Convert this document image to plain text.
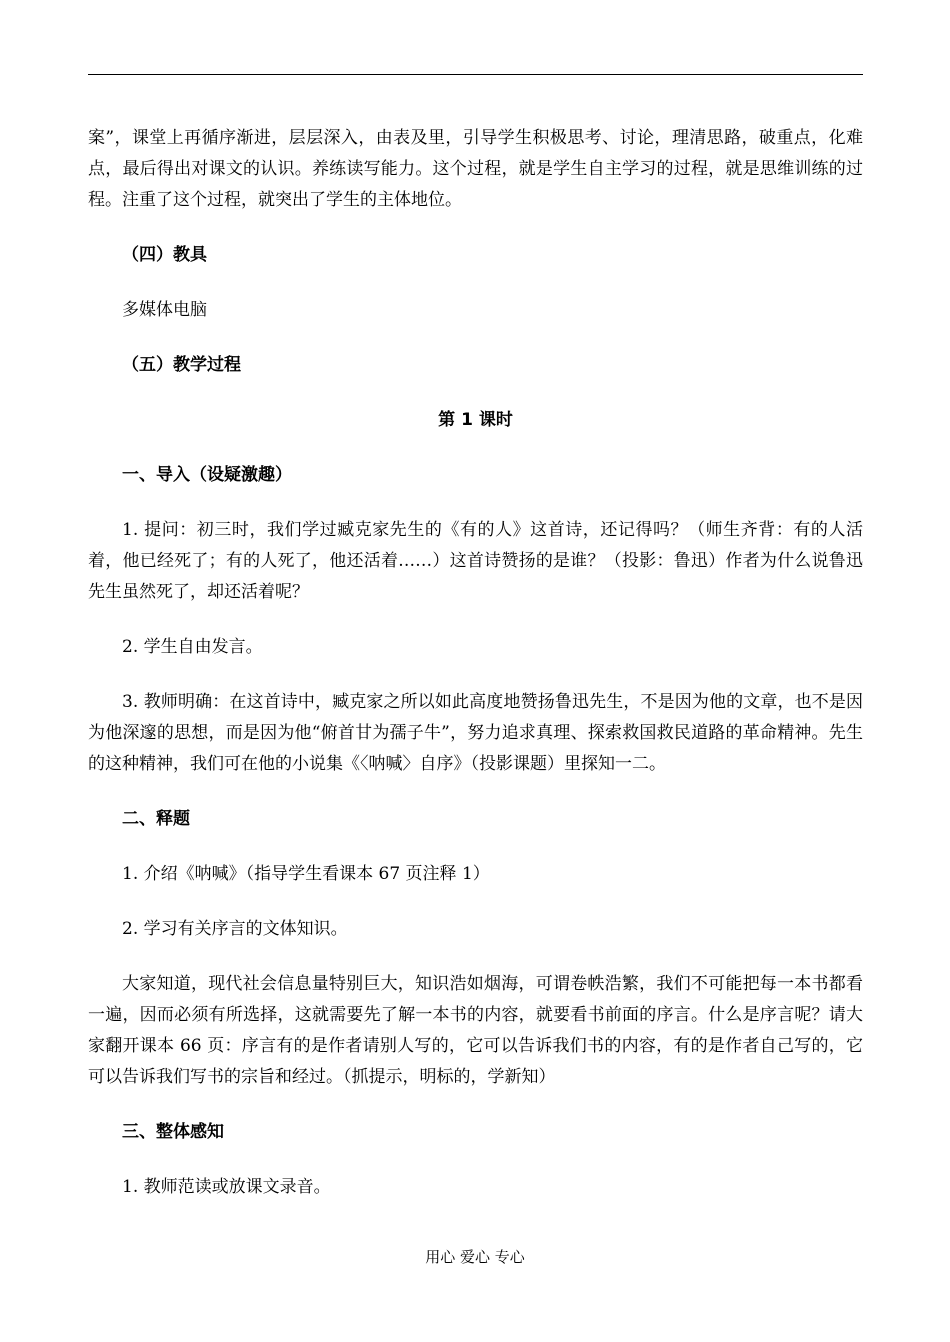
案”，课堂上再循序渐进，层层深入，由表及里，引导学生积极思考、讨论，理清思路，破重点，化难点，最后得出对课文的认识。养练读写能力。这个过程，就是学生自主学习的过程，就是思维训练的过程。注重了这个过程，就突出了学生的主体地位。

（四）教具

多媒体电脑

（五）教学过程

第 1 课时

一、导入（设疑激趣）

1. 提问：初三时，我们学过臧克家先生的《有的人》这首诗，还记得吗？（师生齐背：有的人活着，他已经死了；有的人死了，他还活着……）这首诗赞扬的是谁？（投影：鲁迅）作者为什么说鲁迅先生虽然死了，却还活着呢？

2. 学生自由发言。

3. 教师明确：在这首诗中，臧克家之所以如此高度地赞扬鲁迅先生，不是因为他的文章，也不是因为他深邃的思想，而是因为他“俯首甘为孺子牛”，努力追求真理、探索救国救民道路的革命精神。先生的这种精神，我们可在他的小说集《〈呐喊〉自序》（投影课题）里探知一二。

二、释题

1. 介绍《呐喊》（指导学生看课本 67 页注释 1）

2. 学习有关序言的文体知识。

大家知道，现代社会信息量特别巨大，知识浩如烟海，可谓卷帙浩繁，我们不可能把每一本书都看一遍，因而必须有所选择，这就需要先了解一本书的内容，就要看书前面的序言。什么是序言呢？请大家翻开课本 66 页：序言有的是作者请别人写的，它可以告诉我们书的内容，有的是作者自己写的，它可以告诉我们写书的宗旨和经过。（抓提示，明标的，学新知）

三、整体感知

1. 教师范读或放课文录音。

用心 爱心 专心
